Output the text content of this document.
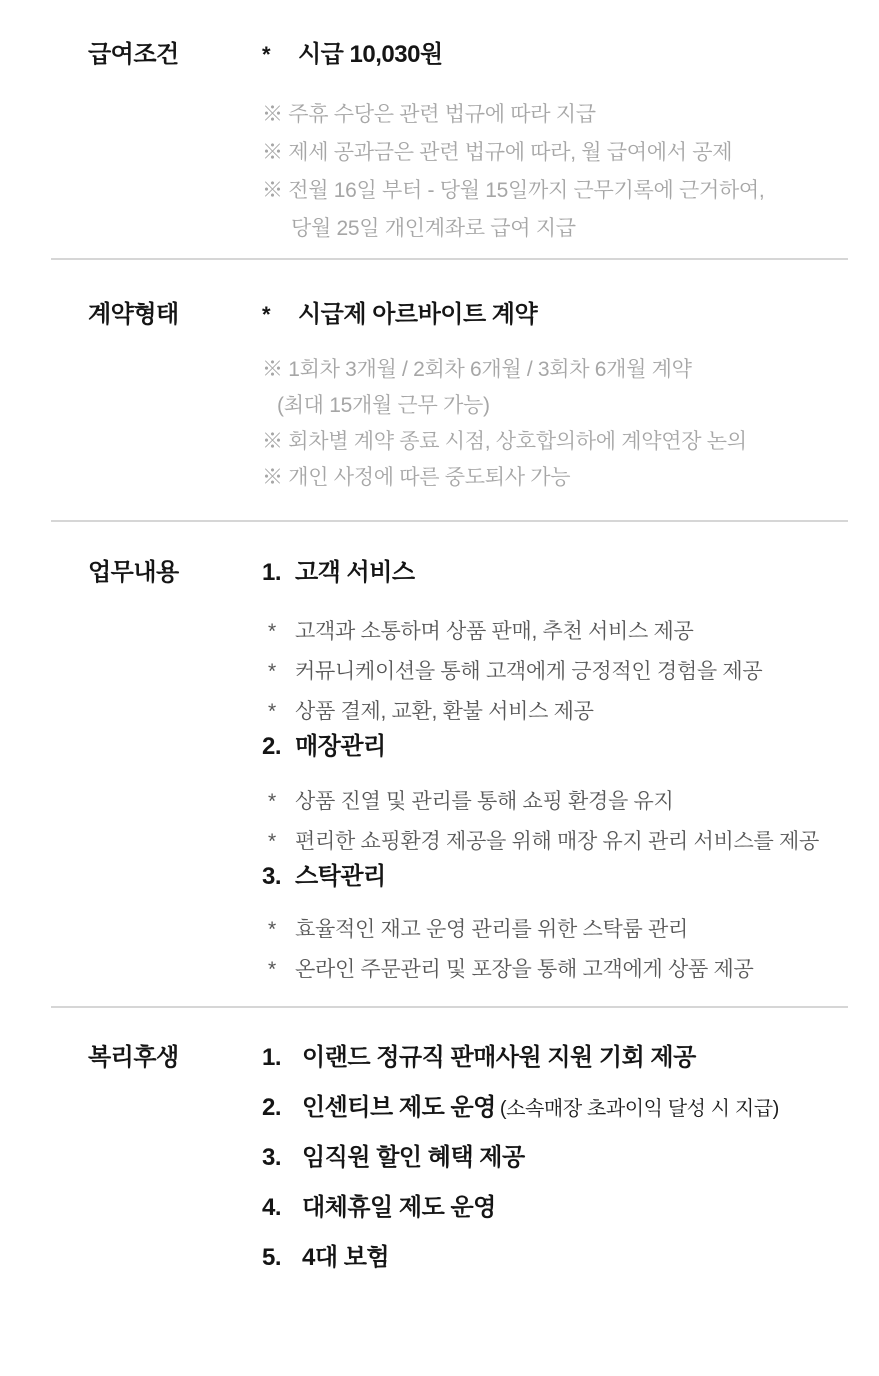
급여조건	* 시급 10,030원
※ 주휴 수당은 관련 법규에 따라 지급
※ 제세 공과금은 관련 법규에 따라, 월 급여에서 공제
※ 전월 16일 부터 - 당월 15일까지 근무기록에 근거하여,
당월 25일 개인계좌로 급여 지급
계약형태	* 시급제 아르바이트 계약
※ 1회차 3개월 / 2회차 6개월 / 3회차 6개월 계약
(최대 15개월 근무 가능)
※ 회차별 계약 종료 시점, 상호합의하에 계약연장 논의
※ 개인 사정에 따른 중도퇴사 가능
업무내용	1. 고객 서비스
* 고객과 소통하며 상품 판매, 추천 서비스 제공
* 커뮤니케이션을 통해 고객에게 긍정적인 경험을 제공
* 상품 결제, 교환, 환불 서비스 제공
2. 매장관리
* 상품 진열 및 관리를 통해 쇼핑 환경을 유지
* 편리한 쇼핑환경 제공을 위해 매장 유지 관리 서비스를 제공
3. 스탁관리
* 효율적인 재고 운영 관리를 위한 스탁룸 관리
* 온라인 주문관리 및 포장을 통해 고객에게 상품 제공
복리후생	1. 이랜드 정규직 판매사원 지원 기회 제공
2. 인센티브 제도 운영 (소속매장 초과이익 달성 시 지급)
3. 임직원 할인 혜택 제공
4. 대체휴일 제도 운영
5. 4대 보험
